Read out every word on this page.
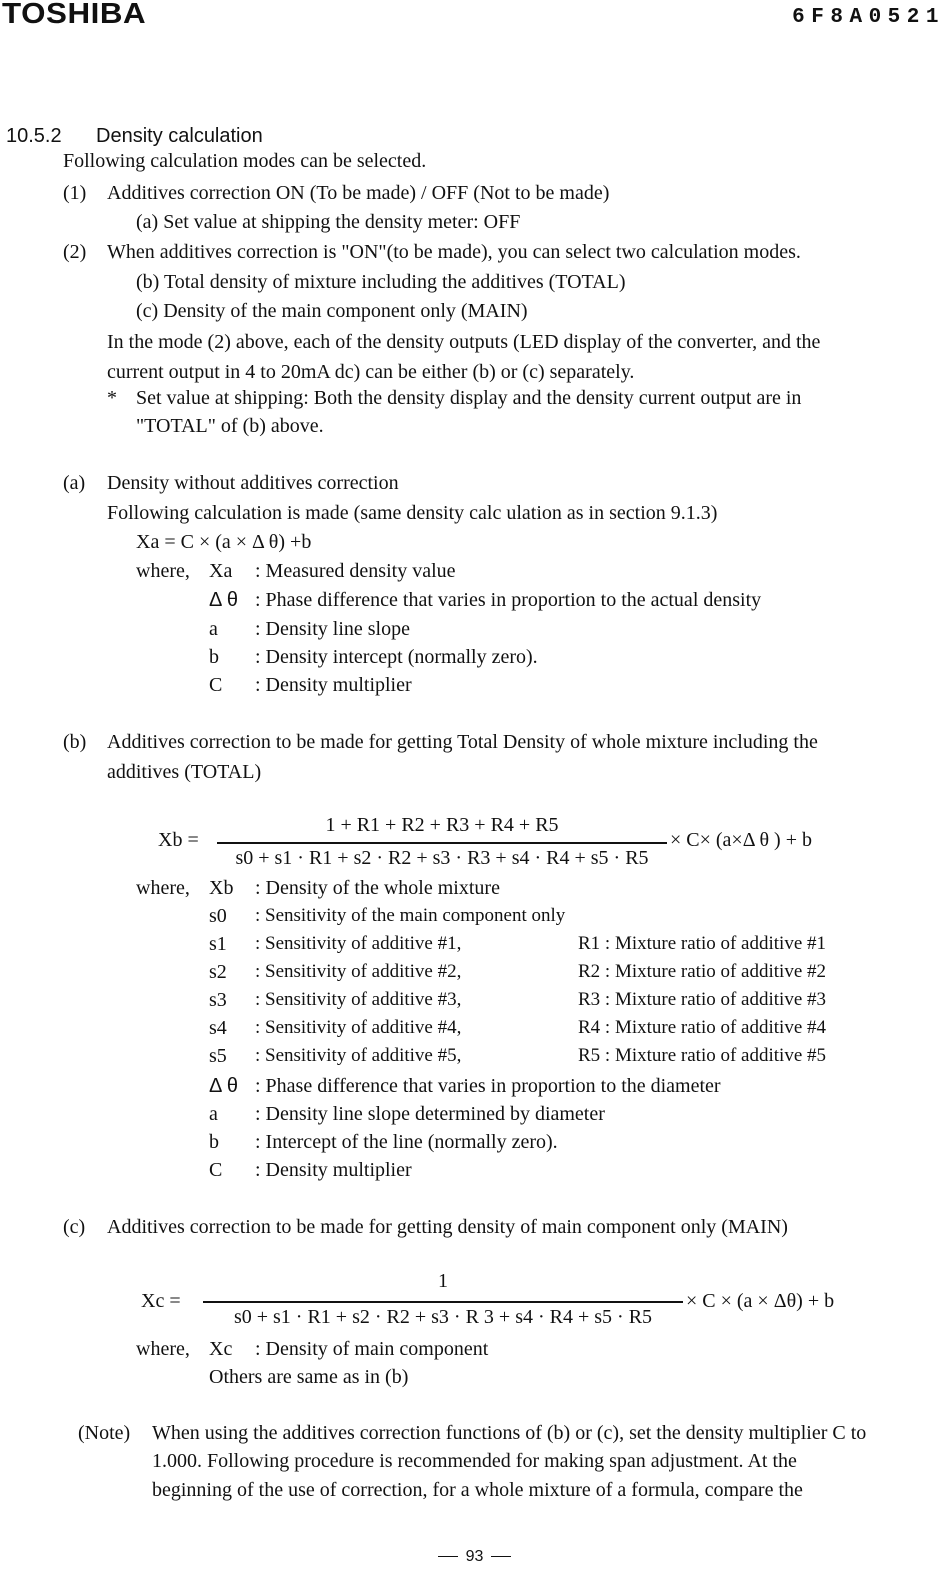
TOSHIBA	6F8A0521
10.5.2 Density calculation
Following calculation modes can be selected.
(1) Additives correction ON (To be made) / OFF (Not to be made)
(a) Set value at shipping the density meter: OFF
(2) When additives correction is "ON"(to be made), you can select two calculation modes.
(b) Total density of mixture including the additives (TOTAL)
(c) Density of the main component only (MAIN)
In the mode (2) above, each of the density outputs (LED display of the converter, and the
current output in 4 to 20mA dc) can be either (b) or (c) separately.
* Set value at shipping: Both the density display and the density current output are in
"TOTAL" of (b) above.
(a) Density without additives correction
Following calculation is made (same density calc ulation as in section 9.1.3)
Xa = C × (a × Δ θ) +b
where, Xa : Measured density value
Δ θ : Phase difference that varies in proportion to the actual density
a : Density line slope
b : Density intercept (normally zero).
C : Density multiplier
(b) Additives correction to be made for getting Total Density of whole mixture including the
additives (TOTAL)
Xb =
1 + R1 + R2 + R3 + R4 + R5
s0 + s1 · R1 + s2 · R2 + s3 · R3 + s4 · R4 + s5 · R5
× C× (a×Δ θ ) + b
where, Xb : Density of the whole mixture
s0 : Sensitivity of the main component only
s1 : Sensitivity of additive #1,	R1 : Mixture ratio of additive #1
s2 : Sensitivity of additive #2,	R2 : Mixture ratio of additive #2
s3 : Sensitivity of additive #3,	R3 : Mixture ratio of additive #3
s4 : Sensitivity of additive #4,	R4 : Mixture ratio of additive #4
s5 : Sensitivity of additive #5,	R5 : Mixture ratio of additive #5
Δ θ : Phase difference that varies in proportion to the diameter
a : Density line slope determined by diameter
b : Intercept of the line (normally zero).
C : Density multiplier
(c) Additives correction to be made for getting density of main component only (MAIN)
Xc =
1
s0 + s1 · R1 + s2 · R2 + s3 · R 3 + s4 · R4 + s5 · R5
× C × (a × Δθ) + b
where, Xc : Density of main component
Others are same as in (b)
(Note) When using the additives correction functions of (b) or (c), set the density multiplier C to
1.000. Following procedure is recommended for making span adjustment. At the
beginning of the use of correction, for a whole mixture of a formula, compare the
93
